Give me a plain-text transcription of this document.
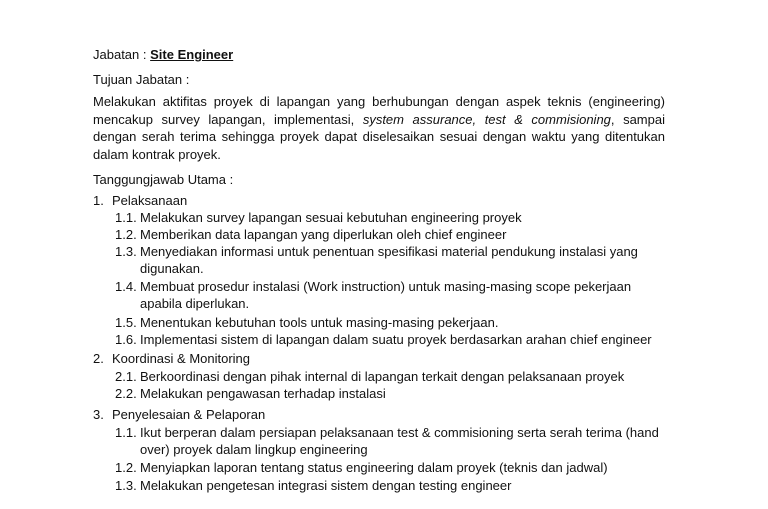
Jabatan : Site Engineer
Tujuan Jabatan :

Melakukan aktifitas proyek di lapangan yang berhubungan dengan aspek teknis (engineering) mencakup survey lapangan, implementasi, system assurance, test & commisioning, sampai dengan serah terima sehingga proyek dapat diselesaikan sesuai dengan waktu yang ditentukan dalam kontrak proyek.

Tanggungjawab Utama :
1. Pelaksanaan
1.1. Melakukan survey lapangan sesuai kebutuhan engineering proyek
1.2. Memberikan data lapangan yang diperlukan oleh chief engineer
1.3. Menyediakan informasi untuk penentuan spesifikasi material pendukung instalasi yang digunakan.
1.4. Membuat prosedur instalasi (Work instruction) untuk masing-masing scope pekerjaan apabila diperlukan.
1.5. Menentukan kebutuhan tools untuk masing-masing pekerjaan.
1.6. Implementasi sistem di lapangan dalam suatu proyek berdasarkan arahan chief engineer
2. Koordinasi & Monitoring
2.1. Berkoordinasi dengan pihak internal di lapangan terkait dengan pelaksanaan proyek
2.2. Melakukan pengawasan terhadap instalasi
3. Penyelesaian & Pelaporan
1.1. Ikut berperan dalam persiapan pelaksanaan test & commisioning serta serah terima (hand over) proyek dalam lingkup engineering
1.2. Menyiapkan laporan tentang status engineering dalam proyek (teknis dan jadwal)
1.3. Melakukan pengetesan integrasi sistem dengan testing engineer
